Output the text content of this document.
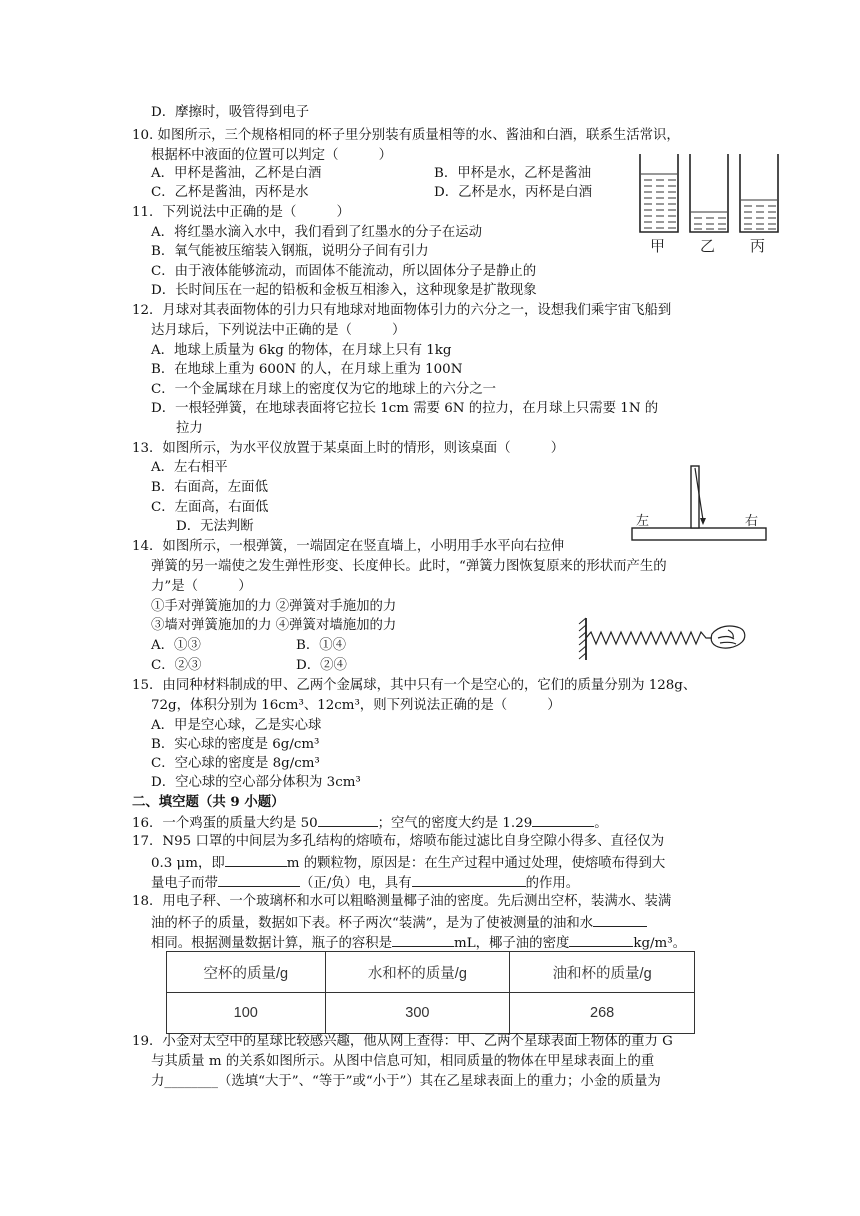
D．摩擦时，吸管得到电子
10. 如图所示，三个规格相同的杯子里分别装有质量相等的水、酱油和白酒，联系生活常识，
根据杯中液面的位置可以判定（　　　）
A．甲杯是酱油，乙杯是白酒	B．甲杯是水，乙杯是酱油
C．乙杯是酱油，丙杯是水	D．乙杯是水，丙杯是白酒
11．下列说法中正确的是（　　　）
A．将红墨水滴入水中，我们看到了红墨水的分子在运动
B．氧气能被压缩装入钢瓶，说明分子间有引力
C．由于液体能够流动，而固体不能流动，所以固体分子是静止的
D．长时间压在一起的铅板和金板互相渗入，这种现象是扩散现象
12．月球对其表面物体的引力只有地球对地面物体引力的六分之一，设想我们乘宇宙飞船到
达月球后，下列说法中正确的是（　　　）
A．地球上质量为 6kg 的物体，在月球上只有 1kg
B．在地球上重为 600N 的人，在月球上重为 100N
C．一个金属球在月球上的密度仅为它的地球上的六分之一
D．一根轻弹簧，在地球表面将它拉长 1cm 需要 6N 的拉力，在月球上只需要 1N 的
拉力
13．如图所示，为水平仪放置于某桌面上时的情形，则该桌面（　　　）
A．左右相平
B．右面高，左面低
C．左面高，右面低
D．无法判断
14．如图所示，一根弹簧，一端固定在竖直墙上，小明用手水平向右拉伸
弹簧的另一端使之发生弹性形变、长度伸长。此时，“弹簧力图恢复原来的形状而产生的
力”是（　　　）
①手对弹簧施加的力 ②弹簧对手施加的力
③墙对弹簧施加的力 ④弹簧对墙施加的力
A．①③	B．①④
C．②③	D．②④
15．由同种材料制成的甲、乙两个金属球，其中只有一个是空心的，它们的质量分别为 128g、
72g，体积分别为 16cm³、12cm³，则下列说法正确的是（　　　）
A．甲是空心球，乙是实心球
B．实心球的密度是 6g/cm³
C．空心球的密度是 8g/cm³
D．空心球的空心部分体积为 3cm³
二、填空题（共 9 小题）
16．一个鸡蛋的质量大约是 50	；空气的密度大约是 1.29	。
17．N95 口罩的中间层为多孔结构的熔喷布，熔喷布能过滤比自身空隙小得多、直径仅为
0.3 μm，即	m 的颗粒物，原因是：在生产过程中通过处理，使熔喷布得到大
量电子而带	（正/负）电，具有	的作用。
18．用电子秤、一个玻璃杯和水可以粗略测量椰子油的密度。先后测出空杯，装满水、装满
油的杯子的质量，数据如下表。杯子两次“装满”，是为了使被测量的油和水
相同。根据测量数据计算，瓶子的容积是	mL，椰子油的密度	kg/m³。
空杯的质量/g	水和杯的质量/g	油和杯的质量/g
100	300	268
19．小金对太空中的星球比较感兴趣，他从网上查得：甲、乙两个星球表面上物体的重力 G
与其质量 m 的关系如图所示。从图中信息可知，相同质量的物体在甲星球表面上的重
力________（选填“大于”、“等于”或“小于”）其在乙星球表面上的重力；小金的质量为
甲 乙 丙
左	右
